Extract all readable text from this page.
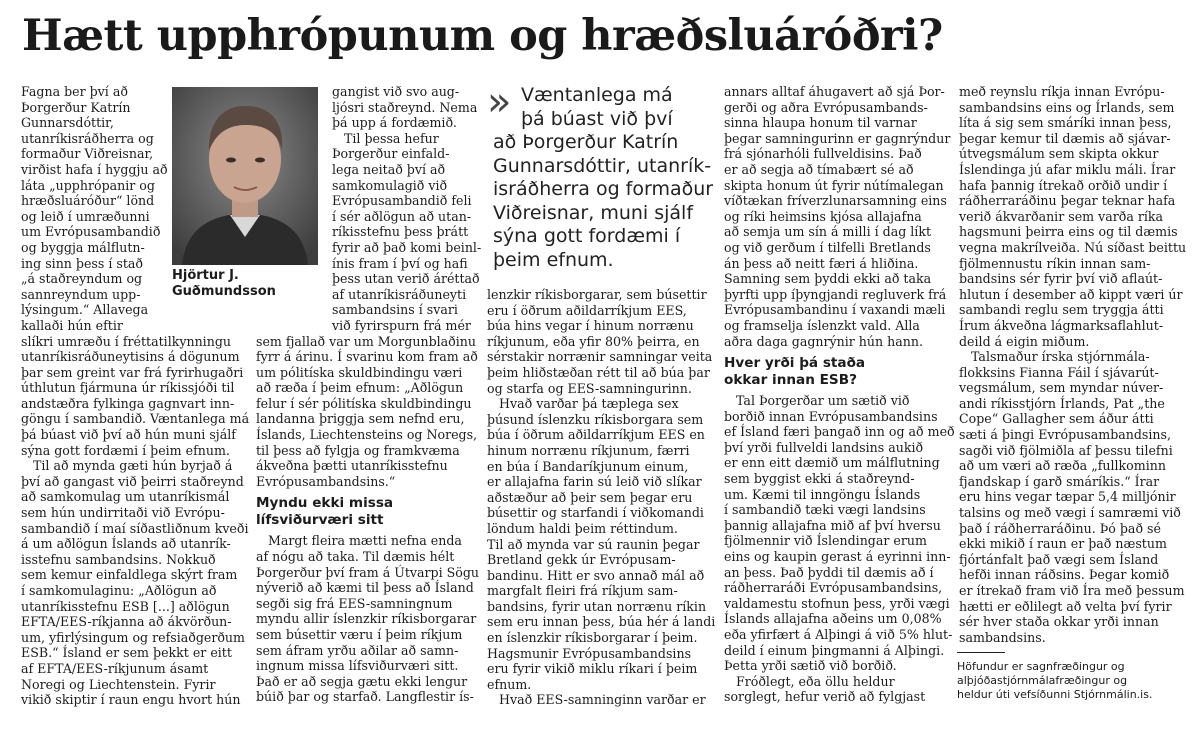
Hætt upphrópunum og hræðsluáróðri?

Fagna ber því að
Þorgerður Katrín
Gunnarsdóttir,
utanríkisráðherra og
formaður Viðreisnar,
virðist hafa í hyggju að
láta „upphrópanir og
hræðsluáróður“ lönd
og leið í umræðunni
um Evrópusambandið
og byggja málflutn-
ing sinn þess í stað
„á staðreyndum og
sannreyndum upp-
lýsingum.“ Allavega
kallaði hún eftir

slíkri umræðu í fréttatilkynningu
utanríkisráðuneytisins á dögunum
þar sem greint var frá fyrirhugaðri
úthlutun fjármuna úr ríkissjóði til
andstæðra fylkinga gagnvart inn-
göngu í sambandið. Væntanlega má
þá búast við því að hún muni sjálf
sýna gott fordæmi í þeim efnum.

Til að mynda gæti hún byrjað á
því að gangast við þeirri staðreynd
að samkomulag um utanríkismál
sem hún undirritaði við Evrópu-
sambandið í maí síðastliðnum kveði
á um aðlögun Íslands að utanrík-
isstefnu sambandsins. Nokkuð
sem kemur einfaldlega skýrt fram
í samkomulaginu: „Aðlögun að
utanríkisstefnu ESB [...] aðlögun
EFTA/EES-ríkjanna að ákvörðun-
um, yfirlýsingum og refsiaðgerðum
ESB.“ Ísland er sem þekkt er eitt
af EFTA/EES-ríkjunum ásamt
Noregi og Liechtenstein. Fyrir
vikið skiptir í raun engu hvort hún

Hjörtur J.
Guðmundsson

gangist við svo aug-
ljósri staðreynd. Nema
þá upp á fordæmið.

Til þessa hefur
Þorgerður einfald-
lega neitað því að
samkomulagið við
Evrópusambandið feli
í sér aðlögun að utan-
ríkisstefnu þess þrátt
fyrir að það komi beinl-
ínis fram í því og hafi
þess utan verið áréttað
af utanríkisráðuneyti
sambandsins í svari
við fyrirspurn frá mér

sem fjallað var um Morgunblaðinu
fyrr á árinu. Í svarinu kom fram að
um pólitíska skuldbindingu væri
að ræða í þeim efnum: „Aðlögun
felur í sér pólitíska skuldbindingu
landanna þriggja sem nefnd eru,
Íslands, Liechtensteins og Noregs,
til þess að fylgja og framkvæma
ákveðna þætti utanríkisstefnu
Evrópusambandsins.“

Myndu ekki missa
lífsviðurværi sitt

Margt fleira mætti nefna enda
af nógu að taka. Til dæmis hélt
Þorgerður því fram á Útvarpi Sögu
nýverið að kæmi til þess að Ísland
segði sig frá EES-samningnum
myndu allir íslenzkir ríkisborgarar
sem búsettir væru í þeim ríkjum
sem áfram yrðu aðilar að samn-
ingnum missa lífsviðurværi sitt.
Það er að segja gætu ekki lengur
búið þar og starfað. Langflestir ís-

» Væntanlega má
þá búast við því
að Þorgerður Katrín
Gunnarsdóttir, utanrík-
isráðherra og formaður
Viðreisnar, muni sjálf
sýna gott fordæmi í
þeim efnum.

lenzkir ríkisborgarar, sem búsettir
eru í öðrum aðildarríkjum EES,
búa hins vegar í hinum norrænu
ríkjunum, eða yfir 80% þeirra, en
sérstakir norrænir samningar veita
þeim hliðstæðan rétt til að búa þar
og starfa og EES-samningurinn.

Hvað varðar þá tæplega sex
þúsund íslenzku ríkisborgara sem
búa í öðrum aðildarríkjum EES en
hinum norrænu ríkjunum, færri
en búa í Bandaríkjunum einum,
er allajafna farin sú leið við slíkar
aðstæður að þeir sem þegar eru
búsettir og starfandi í viðkomandi
löndum haldi þeim réttindum.
Til að mynda var sú raunin þegar
Bretland gekk úr Evrópusam-
bandinu. Hitt er svo annað mál að
margfalt fleiri frá ríkjum sam-
bandsins, fyrir utan norrænu ríkin
sem eru innan þess, búa hér á landi
en íslenzkir ríkisborgarar í þeim.
Hagsmunir Evrópusambandsins
eru fyrir vikið miklu ríkari í þeim
efnum.

Hvað EES-samninginn varðar er

annars alltaf áhugavert að sjá Þor-
gerði og aðra Evrópusambands-
sinna hlaupa honum til varnar
þegar samningurinn er gagnrýndur
frá sjónarhóli fullveldisins. Það
er að segja að tímabært sé að
skipta honum út fyrir nútímalegan
víðtækan fríverzlunarsamning eins
og ríki heimsins kjósa allajafna
að semja um sín á milli í dag líkt
og við gerðum í tilfelli Bretlands
án þess að neitt færi á hliðina.
Samning sem þyddi ekki að taka
þyrfti upp íþyngjandi regluverk frá
Evrópusambandinu í vaxandi mæli
og framselja íslenzkt vald. Alla
aðra daga gagnrýnir hún hann.

Hver yrði þá staða
okkar innan ESB?

Tal Þorgerðar um sætið við
borðið innan Evrópusambandsins
ef Ísland færi þangað inn og að með
því yrði fullveldi landsins aukið
er enn eitt dæmið um málflutning
sem byggist ekki á staðreynd-
um. Kæmi til inngöngu Íslands
í sambandið tæki vægi landsins
þannig allajafna mið af því hversu
fjölmennir við Íslendingar erum
eins og kaupin gerast á eyrinni inn-
an þess. Það þyddi til dæmis að í
ráðherraráði Evrópusambandsins,
valdamestu stofnun þess, yrði vægi
Íslands allajafna aðeins um 0,08%
eða yfirfært á Alþingi á við 5% hlut-
deild í einum þingmanni á Alþingi.
Þetta yrði sætið við borðið.

Fróðlegt, eða öllu heldur
sorglegt, hefur verið að fylgjast

með reynslu ríkja innan Evrópu-
sambandsins eins og Írlands, sem
líta á sig sem smáríki innan þess,
þegar kemur til dæmis að sjávar-
útvegsmálum sem skipta okkur
Íslendinga jú afar miklu máli. Írar
hafa þannig ítrekað orðið undir í
ráðherraráðinu þegar teknar hafa
verið ákvarðanir sem varða ríka
hagsmuni þeirra eins og til dæmis
vegna makrílveiða. Nú síðast beittu
fjölmennustu ríkin innan sam-
bandsins sér fyrir því við aflaút-
hlutun í desember að kippt væri úr
sambandi reglu sem tryggja átti
Írum ákveðna lágmarksaflahlut-
deild á eigin miðum.

Talsmaður írska stjórnmála-
flokksins Fianna Fáil í sjávarút-
vegsmálum, sem myndar núver-
andi ríkisstjórn Írlands, Pat „the
Cope“ Gallagher sem áður átti
sæti á þingi Evrópusambandsins,
sagði við fjölmiðla af þessu tilefni
að um væri að ræða „fullkominn
fjandskap í garð smáríkis.“ Írar
eru hins vegar tæpar 5,4 milljónir
talsins og með vægi í samræmi við
það í ráðherraráðinu. Þó það sé
ekki mikið í raun er það næstum
fjórtánfalt það vægi sem Ísland
hefði innan ráðsins. Þegar komið
er ítrekað fram við Íra með þessum
hætti er eðlilegt að velta því fyrir
sér hver staða okkar yrði innan
sambandsins.

Höfundur er sagnfræðingur og
alþjóðastjórnmálafræðingur og
heldur úti vefsíðunni Stjórnmálin.is.
